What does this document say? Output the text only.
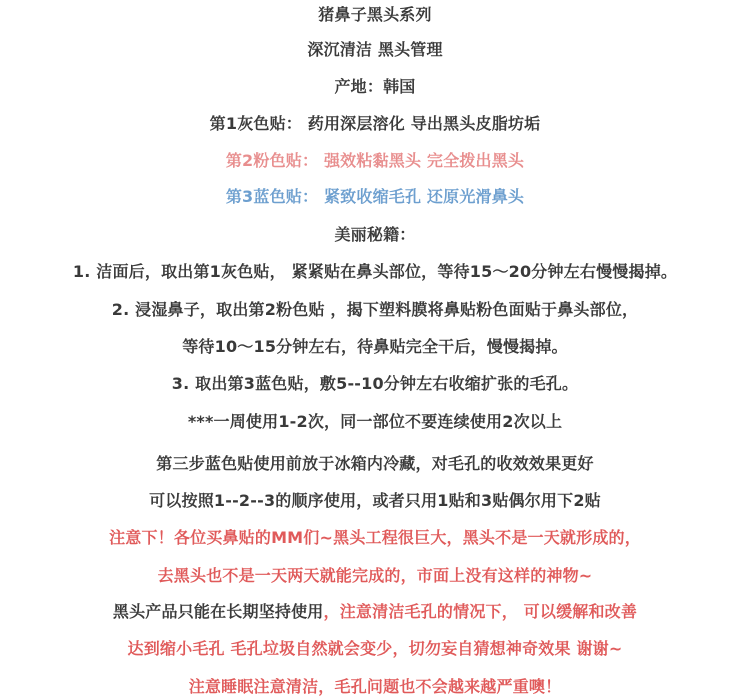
猪鼻子黑头系列
深沉清洁 黑头管理
产地：韩国
第1灰色贴： 药用深层溶化 导出黑头皮脂坊垢
第2粉色贴： 强效粘黏黑头 完全拨出黑头
第3蓝色贴： 紧致收缩毛孔 还原光滑鼻头
美丽秘籍：
1. 洁面后，取出第1灰色贴， 紧紧贴在鼻头部位，等待15～20分钟左右慢慢揭掉。
2. 浸湿鼻子，取出第2粉色贴 ，揭下塑料膜将鼻贴粉色面贴于鼻头部位，
等待10～15分钟左右，待鼻贴完全干后，慢慢揭掉。
3. 取出第3蓝色贴，敷5--10分钟左右收缩扩张的毛孔。
***一周使用1-2次，同一部位不要连续使用2次以上
第三步蓝色贴使用前放于冰箱内冷藏，对毛孔的收效效果更好
可以按照1--2--3的顺序使用，或者只用1贴和3贴偶尔用下2贴
注意下！各位买鼻贴的MM们~黑头工程很巨大，黑头不是一天就形成的，
去黑头也不是一天两天就能完成的，市面上没有这样的神物~
黑头产品只能在长期坚持使用，注意清洁毛孔的情况下， 可以缓解和改善
达到缩小毛孔 毛孔垃圾自然就会变少，切勿妄自猜想神奇效果 谢谢~
注意睡眠注意清洁，毛孔问题也不会越来越严重噢！
